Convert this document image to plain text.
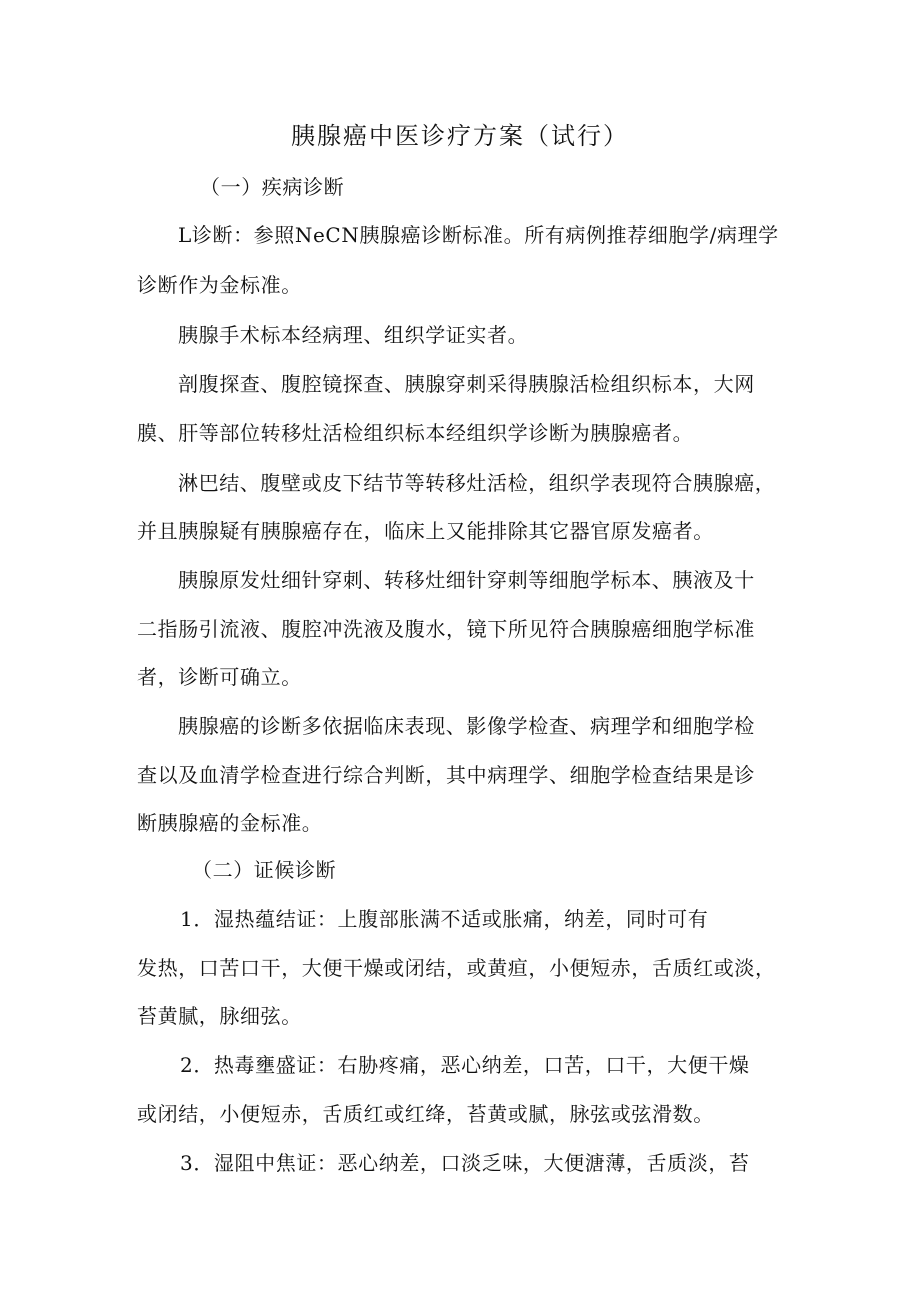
胰腺癌中医诊疗方案（试行）
（一）疾病诊断
L诊断：参照NeCN胰腺癌诊断标准。所有病例推荐细胞学/病理学
诊断作为金标准。
胰腺手术标本经病理、组织学证实者。
剖腹探查、腹腔镜探查、胰腺穿刺采得胰腺活检组织标本，大网
膜、肝等部位转移灶活检组织标本经组织学诊断为胰腺癌者。
淋巴结、腹壁或皮下结节等转移灶活检，组织学表现符合胰腺癌，
并且胰腺疑有胰腺癌存在，临床上又能排除其它器官原发癌者。
胰腺原发灶细针穿刺、转移灶细针穿刺等细胞学标本、胰液及十
二指肠引流液、腹腔冲洗液及腹水，镜下所见符合胰腺癌细胞学标准
者，诊断可确立。
胰腺癌的诊断多依据临床表现、影像学检查、病理学和细胞学检
查以及血清学检查进行综合判断，其中病理学、细胞学检查结果是诊
断胰腺癌的金标准。
（二）证候诊断
1．湿热蕴结证：上腹部胀满不适或胀痛，纳差，同时可有
发热，口苦口干，大便干燥或闭结，或黄疸，小便短赤，舌质红或淡，
苔黄腻，脉细弦。
2．热毒壅盛证：右胁疼痛，恶心纳差，口苦，口干，大便干燥
或闭结，小便短赤，舌质红或红绛，苔黄或腻，脉弦或弦滑数。
3．湿阻中焦证：恶心纳差，口淡乏味，大便溏薄，舌质淡，苔
